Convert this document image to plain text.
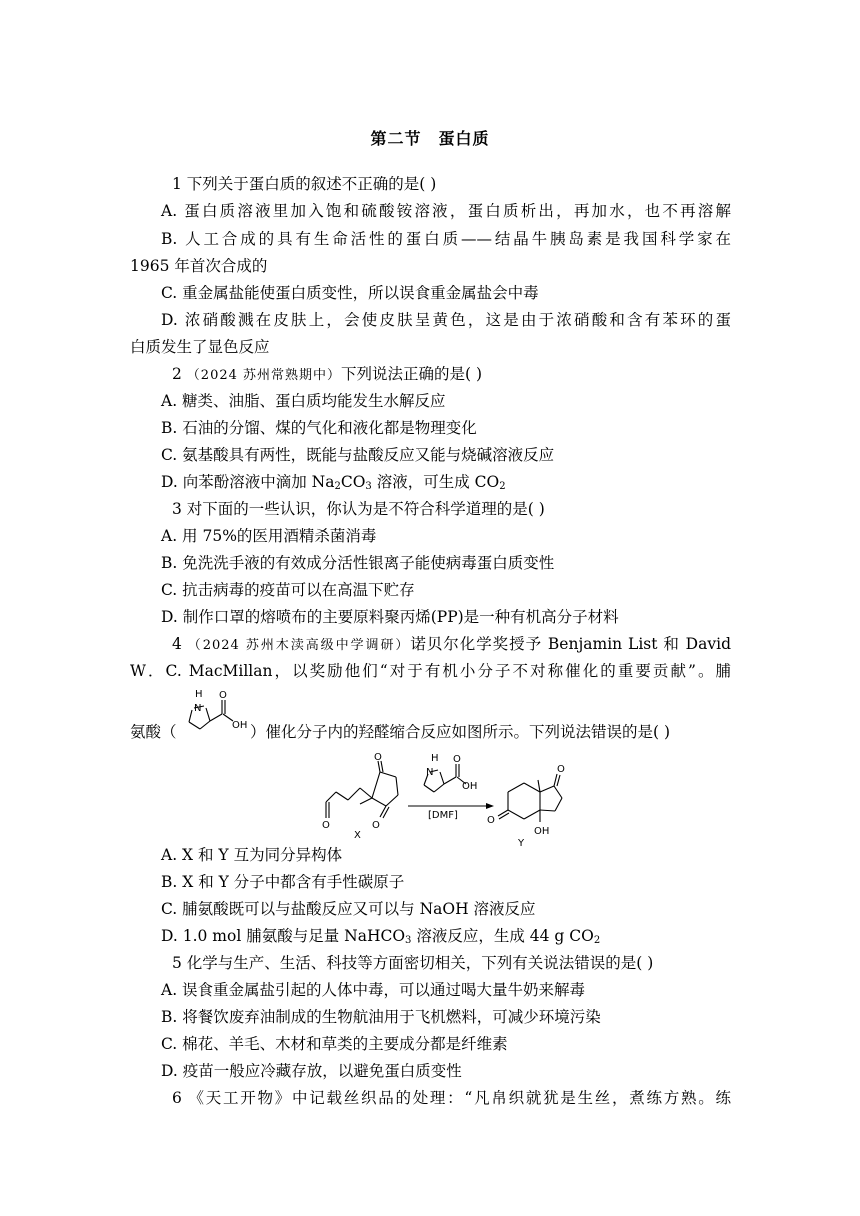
第二节　蛋白质
1 下列关于蛋白质的叙述不正确的是( )
A. 蛋白质溶液里加入饱和硫酸铵溶液，蛋白质析出，再加水，也不再溶解
B. 人工合成的具有生命活性的蛋白质——结晶牛胰岛素是我国科学家在
1965 年首次合成的
C. 重金属盐能使蛋白质变性，所以误食重金属盐会中毒
D. 浓硝酸溅在皮肤上，会使皮肤呈黄色，这是由于浓硝酸和含有苯环的蛋
白质发生了显色反应
2 （2024 苏州常熟期中）下列说法正确的是( )
A. 糖类、油脂、蛋白质均能发生水解反应
B. 石油的分馏、煤的气化和液化都是物理变化
C. 氨基酸具有两性，既能与盐酸反应又能与烧碱溶液反应
D. 向苯酚溶液中滴加 $Na_2CO_3$ 溶液，可生成 $CO_2$
3 对下面的一些认识，你认为是不符合科学道理的是( )
A. 用 75%的医用酒精杀菌消毒
B. 免洗洗手液的有效成分活性银离子能使病毒蛋白质变性
C. 抗击病毒的疫苗可以在高温下贮存
D. 制作口罩的熔喷布的主要原料聚丙烯(PP)是一种有机高分子材料
4 （2024 苏州木渎高级中学调研）诺贝尔化学奖授予 Benjamin List 和 David
W．C. MacMillan，以奖励他们“对于有机小分子不对称催化的重要贡献”。脯
氨酸（
H
N
O
OH ）催化分子内的羟醛缩合反应如图所示。下列说法错误的是( )
O
O
O
X
H
N
O
OH
[DMF]
O
O
OH
Y
A. X 和 Y 互为同分异构体
B. X 和 Y 分子中都含有手性碳原子
C. 脯氨酸既可以与盐酸反应又可以与 NaOH 溶液反应
D. 1.0 mol 脯氨酸与足量 NaHCO$_3$ 溶液反应，生成 44 g $CO_2$
5 化学与生产、生活、科技等方面密切相关，下列有关说法错误的是( )
A. 误食重金属盐引起的人体中毒，可以通过喝大量牛奶来解毒
B. 将餐饮废弃油制成的生物航油用于飞机燃料，可减少环境污染
C. 棉花、羊毛、木材和草类的主要成分都是纤维素
D. 疫苗一般应冷藏存放，以避免蛋白质变性
6 《天工开物》中记载丝织品的处理：“凡帛织就犹是生丝，煮练方熟。练
